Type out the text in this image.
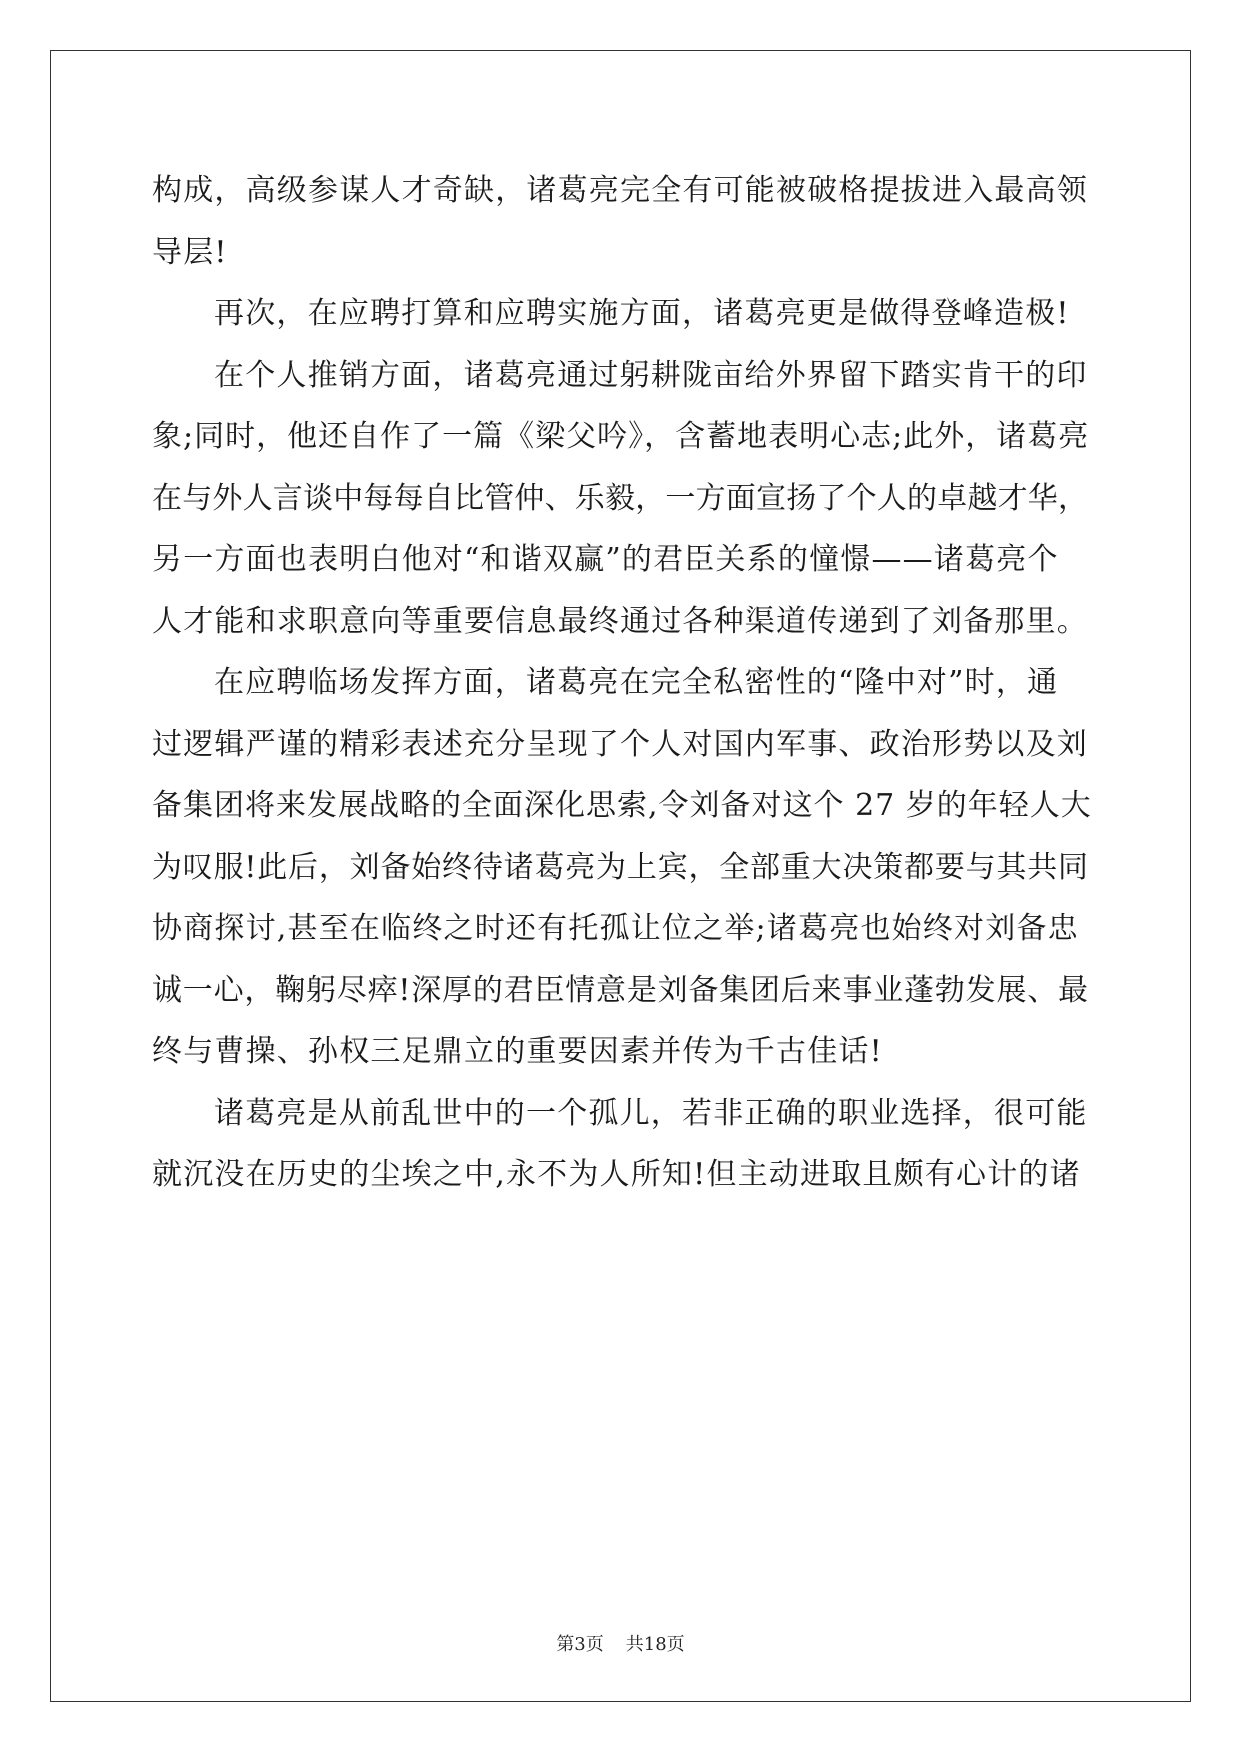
构成，高级参谋人才奇缺，诸葛亮完全有可能被破格提拔进入最高领
导层!
再次，在应聘打算和应聘实施方面，诸葛亮更是做得登峰造极!
在个人推销方面，诸葛亮通过躬耕陇亩给外界留下踏实肯干的印
象;同时，他还自作了一篇《梁父吟》，含蓄地表明心志;此外，诸葛亮
在与外人言谈中每每自比管仲、乐毅，一方面宣扬了个人的卓越才华，
另一方面也表明白他对“和谐双赢”的君臣关系的憧憬——诸葛亮个
人才能和求职意向等重要信息最终通过各种渠道传递到了刘备那里。
在应聘临场发挥方面，诸葛亮在完全私密性的“隆中对”时，通
过逻辑严谨的精彩表述充分呈现了个人对国内军事、政治形势以及刘
备集团将来发展战略的全面深化思索,令刘备对这个 27 岁的年轻人大
为叹服!此后，刘备始终待诸葛亮为上宾，全部重大决策都要与其共同
协商探讨,甚至在临终之时还有托孤让位之举;诸葛亮也始终对刘备忠
诚一心，鞠躬尽瘁!深厚的君臣情意是刘备集团后来事业蓬勃发展、最
终与曹操、孙权三足鼎立的重要因素并传为千古佳话!
诸葛亮是从前乱世中的一个孤儿，若非正确的职业选择，很可能
就沉没在历史的尘埃之中,永不为人所知!但主动进取且颇有心计的诸
第3页 共18页
